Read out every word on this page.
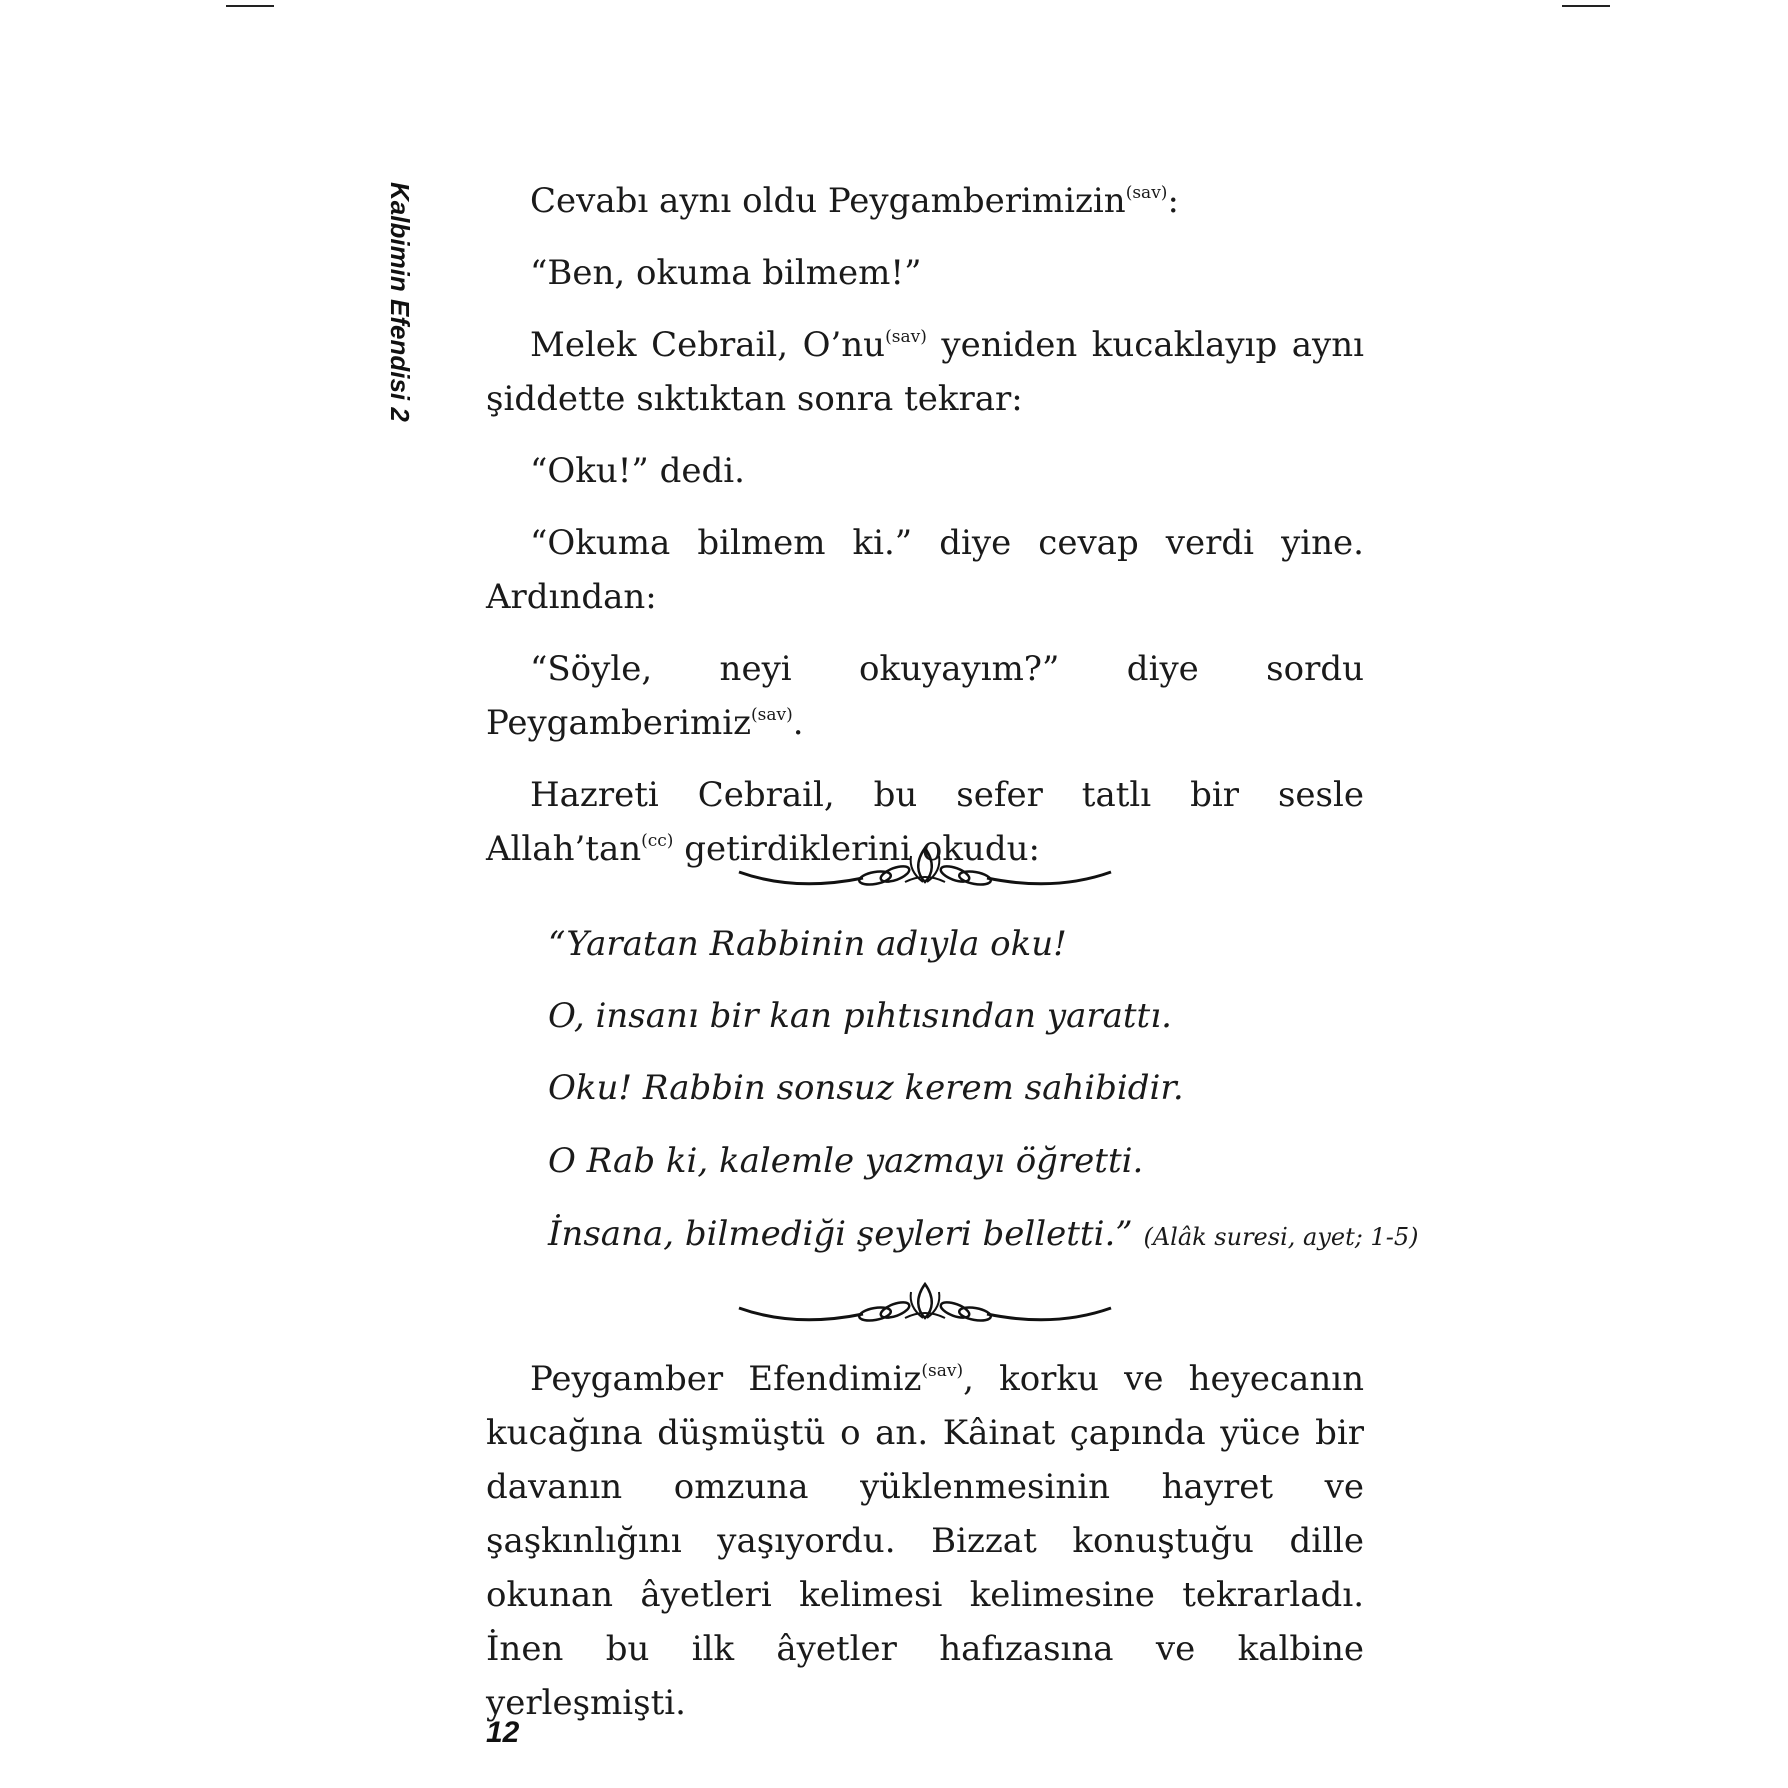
Kalbimin Efendisi 2	Cevabı aynı oldu Peygamberimizin$^{(sav)}$:

“Ben, okuma bilmem!”

Melek Cebrail, $O’nu^{(sav)}$ yeniden kucaklayıp aynı şiddette sıktıktan sonra tekrar:

“Oku!” dedi.

“Okuma bilmem ki.” diye cevap verdi yine. Ardından:

“Söyle, neyi okuyayım?” diye sordu Peygamberimiz$^{(sav)}$.

Hazreti Cebrail, bu sefer tatlı bir sesle $Allah’\tan^{(cc)}$ getirdiklerini okudu:

“Yaratan Rabbinin adıyla oku!
O, insanı bir kan pıhtısından yarattı.
Oku! Rabbin sonsuz kerem sahibidir.
O Rab ki, kalemle yazmayı öğretti.
İnsana, bilmediği şeyleri belletti.” (Alâk suresi, ayet; 1-5)

Peygamber Efendimiz$^{(sav)}$, korku ve heyecanın kucağına düşmüştü o an. Kâinat çapında yüce bir davanın omzuna yüklenmesinin hayret ve şaşkınlığını yaşıyordu. Bizzat konuştuğu dille okunan âyetleri kelimesi kelimesine tekrarladı. İnen bu ilk âyetler hafızasına ve kalbine yerleşmişti.

12
